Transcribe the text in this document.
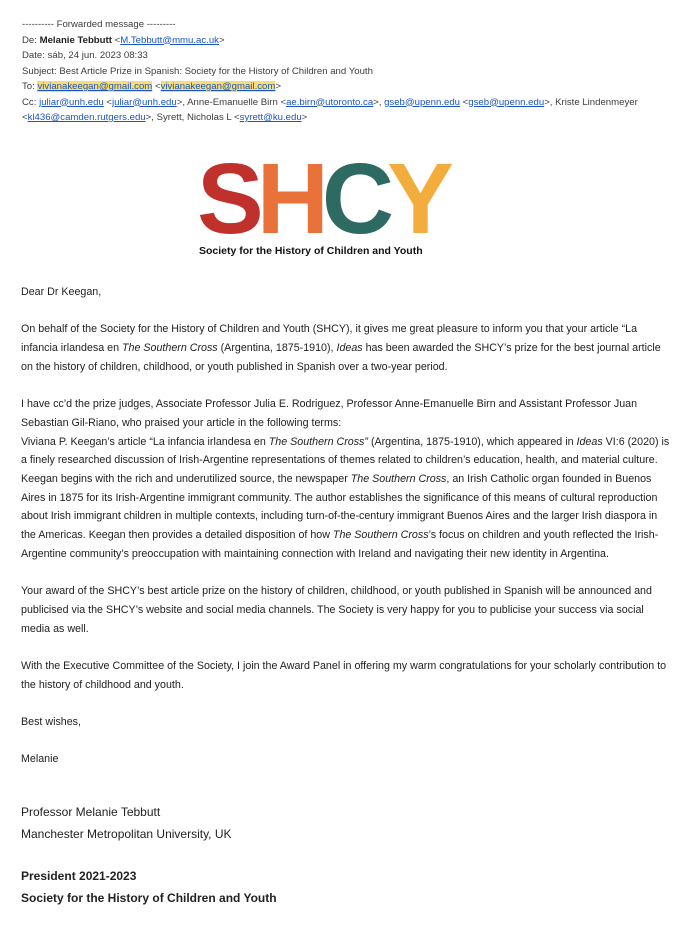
---------- Forwarded message ---------
De: Melanie Tebbutt <M.Tebbutt@mmu.ac.uk>
Date: sáb, 24 jun. 2023 08:33
Subject: Best Article Prize in Spanish: Society for the History of Children and Youth
To: vivianakeegan@gmail.com <vivianakeegan@gmail.com>
Cc: juliar@unh.edu <juliar@unh.edu>, Anne-Emanuelle Birn <ae.birn@utoronto.ca>, gseb@upenn.edu <gseb@upenn.edu>, Kriste Lindenmeyer <kl436@camden.rutgers.edu>, Syrett, Nicholas L <syrett@ku.edu>
SHCY
Society for the History of Children and Youth

Dear Dr Keegan,

On behalf of the Society for the History of Children and Youth (SHCY), it gives me great pleasure to inform you that your article “La infancia irlandesa en The Southern Cross (Argentina, 1875-1910), Ideas has been awarded the SHCY’s prize for the best journal article on the history of children, childhood, or youth published in Spanish over a two-year period.

I have cc’d the prize judges, Associate Professor Julia E. Rodriguez, Professor Anne-Emanuelle Birn and Assistant Professor Juan Sebastian Gil-Riano, who praised your article in the following terms:

Viviana P. Keegan’s article “La infancia irlandesa en The Southern Cross” (Argentina, 1875-1910), which appeared in Ideas VI:6 (2020) is a finely researched discussion of Irish-Argentine representations of themes related to children’s education, health, and material culture. Keegan begins with the rich and underutilized source, the newspaper The Southern Cross, an Irish Catholic organ founded in Buenos Aires in 1875 for its Irish-Argentine immigrant community. The author establishes the significance of this means of cultural reproduction about Irish immigrant children in multiple contexts, including turn-of-the-century immigrant Buenos Aires and the larger Irish diaspora in the Americas. Keegan then provides a detailed disposition of how The Southern Cross’s focus on children and youth reflected the Irish-Argentine community’s preoccupation with maintaining connection with Ireland and navigating their new identity in Argentina.

Your award of the SHCY’s best article prize on the history of children, childhood, or youth published in Spanish will be announced and publicised via the SHCY’s website and social media channels. The Society is very happy for you to publicise your success via social media as well.

With the Executive Committee of the Society, I join the Award Panel in offering my warm congratulations for your scholarly contribution to the history of childhood and youth.

Best wishes,

Melanie

Professor Melanie Tebbutt
Manchester Metropolitan University, UK
President 2021-2023
Society for the History of Children and Youth
